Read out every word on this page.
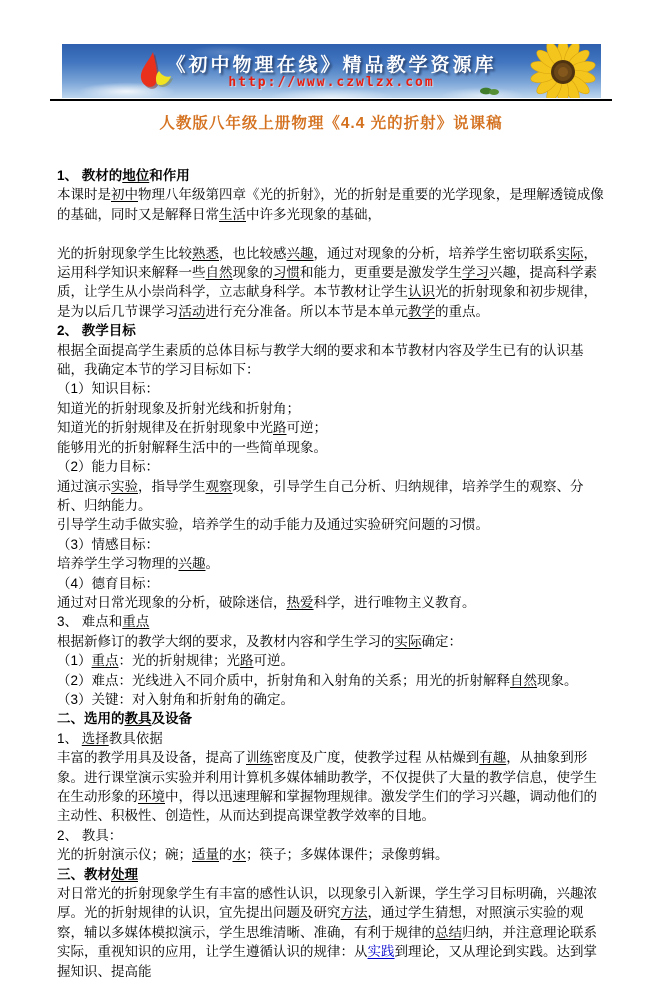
《初中物理在线》精品教学资源库
http://www.czwlzx.com
人教版八年级上册物理《4.4 光的折射》说课稿

1、 教材的地位和作用

本课时是初中物理八年级第四章《光的折射》，光的折射是重要的光学现象，是理解透镜成像的基础，同时又是解释日常生活中许多光现象的基础，

光的折射现象学生比较熟悉，也比较感兴趣，通过对现象的分析，培养学生密切联系实际，运用科学知识来解释一些自然现象的习惯和能力，更重要是激发学生学习兴趣，提高科学素质，让学生从小崇尚科学，立志献身科学。本节教材让学生认识光的折射现象和初步规律，是为以后几节课学习活动进行充分准备。所以本节是本单元教学的重点。

2、 教学目标

根据全面提高学生素质的总体目标与教学大纲的要求和本节教材内容及学生已有的认识基础，我确定本节的学习目标如下：

（1）知识目标：

知道光的折射现象及折射光线和折射角；

知道光的折射规律及在折射现象中光路可逆；

能够用光的折射解释生活中的一些简单现象。

（2）能力目标：

通过演示实验，指导学生观察现象，引导学生自己分析、归纳规律，培养学生的观察、分析、归纳能力。

引导学生动手做实验，培养学生的动手能力及通过实验研究问题的习惯。

（3）情感目标：

培养学生学习物理的兴趣。

（4）德育目标：

通过对日常光现象的分析，破除迷信，热爱科学，进行唯物主义教育。

3、 难点和重点

根据新修订的教学大纲的要求，及教材内容和学生学习的实际确定：

（1）重点：光的折射规律；光路可逆。

（2）难点：光线进入不同介质中，折射角和入射角的关系；用光的折射解释自然现象。

（3）关键：对入射角和折射角的确定。

二、选用的教具及设备

1、 选择教具依据

丰富的教学用具及设备，提高了训练密度及广度，使教学过程 从枯燥到有趣，从抽象到形象。进行课堂演示实验并利用计算机多媒体辅助教学，不仅提供了大量的教学信息，使学生在生动形象的环境中，得以迅速理解和掌握物理规律。激发学生们的学习兴趣，调动他们的主动性、积极性、创造性，从而达到提高课堂教学效率的目地。

2、 教具：

光的折射演示仪；碗；适量的水；筷子；多媒体课件；录像剪辑。

三、教材处理

对日常光的折射现象学生有丰富的感性认识，以现象引入新课，学生学习目标明确，兴趣浓厚。光的折射规律的认识，宜先提出问题及研究方法，通过学生猜想，对照演示实验的观察，辅以多媒体模拟演示，学生思维清晰、准确，有利于规律的总结归纳，并注意理论联系实际，重视知识的应用，让学生遵循认识的规律：从实践到理论，又从理论到实践。达到掌握知识、提高能
